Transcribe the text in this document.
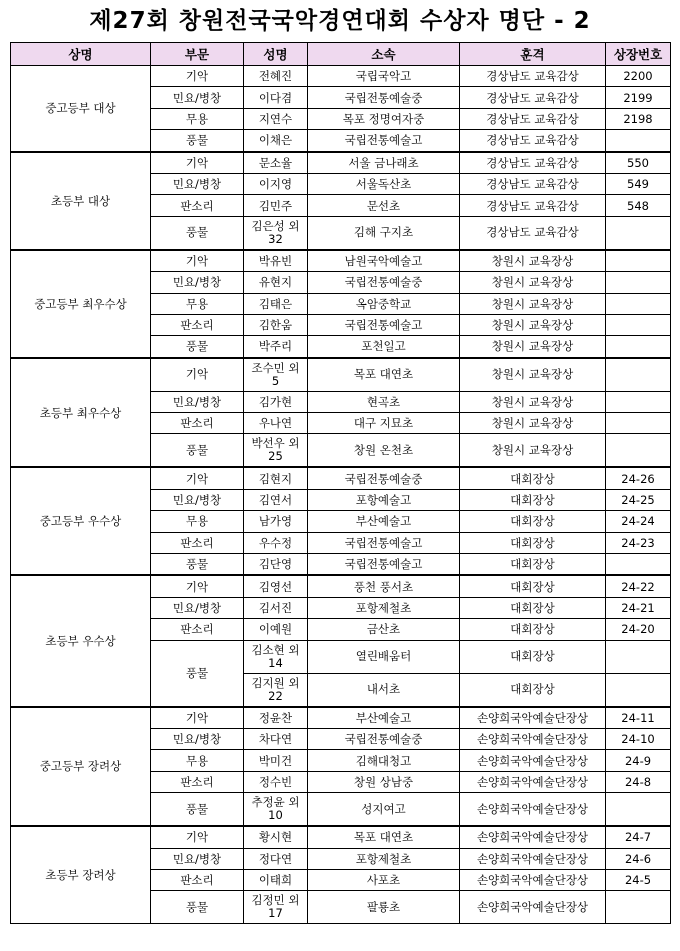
제27회 창원전국국악경연대회 수상자 명단 - 2
상명	부문	성명	소속	훈격	상장번호
중고등부 대상	기악	전혜진	국립국악고	경상남도 교육감상	2200
	민요/병창	이다겸	국립전통예술중	경상남도 교육감상	2199
	무용	지연수	목포 정명여자중	경상남도 교육감상	2198
	풍물	이채은	국립전통예술고	경상남도 교육감상	
초등부 대상	기악	문소율	서울 금나래초	경상남도 교육감상	550
	민요/병창	이지영	서울독산초	경상남도 교육감상	549
	판소리	김민주	문선초	경상남도 교육감상	548
	풍물	김은성 외 32	김해 구지초	경상남도 교육감상	
중고등부 최우수상	기악	박유빈	남원국악예술고	창원시 교육장상	
	민요/병창	유현지	국립전통예술중	창원시 교육장상	
	무용	김태은	옥암중학교	창원시 교육장상	
	판소리	김한움	국립전통예술고	창원시 교육장상	
	풍물	박주리	포천일고	창원시 교육장상	
초등부 최우수상	기악	조수민 외 5	목포 대연초	창원시 교육장상	
	민요/병창	김가현	현곡초	창원시 교육장상	
	판소리	우나연	대구 지묘초	창원시 교육장상	
	풍물	박선우 외 25	창원 온천초	창원시 교육장상	
중고등부 우수상	기악	김현지	국립전통예술중	대회장상	24-26
	민요/병창	김연서	포항예술고	대회장상	24-25
	무용	남가영	부산예술고	대회장상	24-24
	판소리	우수정	국립전통예술고	대회장상	24-23
	풍물	김단영	국립전통예술고	대회장상	
초등부 우수상	기악	김영선	풍천 풍서초	대회장상	24-22
	민요/병창	김서진	포항제철초	대회장상	24-21
	판소리	이예원	금산초	대회장상	24-20
	풍물	김소현 외 14	열린배움터	대회장상	
		김지원 외 22	내서초	대회장상	
중고등부 장려상	기악	정윤찬	부산예술고	손양희국악예술단장상	24-11
	민요/병창	차다연	국립전통예술중	손양희국악예술단장상	24-10
	무용	박미건	김해대청고	손양희국악예술단장상	24-9
	판소리	정수빈	창원 상남중	손양희국악예술단장상	24-8
	풍물	추정윤 외 10	성지여고	손양희국악예술단장상	
초등부 장려상	기악	황시현	목포 대연초	손양희국악예술단장상	24-7
	민요/병창	정다연	포항제철초	손양희국악예술단장상	24-6
	판소리	이태희	사포초	손양희국악예술단장상	24-5
	풍물	김정민 외 17	팔룡초	손양희국악예술단장상	
